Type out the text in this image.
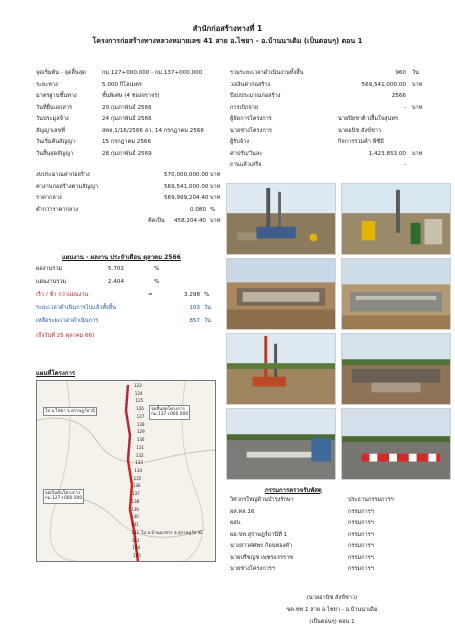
สำนักก่อสร้างทางที่ 1
โครงการก่อสร้างทางหลวงหมายเลข 41 สาย อ.ไชยา - อ.บ้านนาเดิม (เป็นตอนๆ) ตอน 1
จุดเริ่มต้น - จุดสิ้นสุด	กม.127+000.000 - กม.137+000.000
ระยะทาง	5.000 กิโลเมตร
มาตรฐานชั้นทาง	ชั้นพิเศษ (4 ช่องจราจร)
วันที่ยื่นเอกสาร	20 กุมภาพันธ์ 2566
วันประมูลจ้าง	24 กุมภาพันธ์ 2566
สัญญาเลขที่	สทล.1/16/2566 ลว. 14 กรกฎาคม 2566
วันเริ่มต้นสัญญา	15 กรกฎาคม 2566
วันสิ้นสุดสัญญา	28 กุมภาพันธ์ 2569
งบประมาณค่าก่อสร้าง	570,000,000.00 บาท
ค่างานก่อสร้างตามสัญญา	569,541,000.00 บาท
ราคากลาง	569,999,204.40 บาท
ต่ำกว่าราคากลาง	0.080 %
คิดเป็น	458,204.40 บาท
รวมระยะเวลาดำเนินงานทั้งสิ้น	960 วัน
วงเงินค่าก่อสร้าง	569,541,000.00 บาท
ปีงบประมาณก่อสร้าง	2566
การเบิกจ่าย	- บาท
ผู้จัดการโครงการ	นายปิยชาติ ปลื้มใจสุนทร
นายช่างโครงการ	นายอนิช สังข์ชาว
ผู้รับจ้าง	กิจการร่วมค้า พีซีบี
ค่าปรับ/วันละ	1,423,853.00 บาท
งานแล้วเสร็จ	-
แผนงาน - ผลงาน ประจำเดือน ตุลาคม 2566
ผลงานรวม	5.702	%
แผนงานรวม	2.404	%
เร็ว / ช้า กว่าแผนงาน	=	3.298 %
ระยะเวลาดำเนินการไปแล้วทั้งสิ้น	103 วัน
เหลือระยะเวลาดำเนินการ	857 วัน
(ถึงวันที่ 25 ตุลาคม 66)
แผนที่โครงการ
123
124
125
126
127
128
129
130
131
132
133
134
135
136
137
138
139
140
141
142
143
144
145
ไป อ.ไชยา จ.สุราษฎร์ธานี	จุดสิ้นสุดโครงการ
กม.137+000.000
จุดเริ่มต้นโครงการ
กม.127+000.000
ไป อ.บ้านนาสาร จ.สุราษฎร์ธานี
กรรมการตรวจรับพัสดุ
วิศวกรใหญ่ด้านบำรุงรักษา	ประธานกรรมการฯ
ผส.ทล.16	กรรมการฯ
ผสบ.	กรรมการฯ
ผอ.ขท.สุราษฎร์ธานีที่ 1	กรรมการฯ
นางสาวศศพร ก้อนทองคำ	กรรมการฯ
นายปรีชญช เพชรแรรราช	กรรมการฯ
นายช่างโครงการฯ	กรรมการฯ
(นายอานิช สังข์ชาว)
ขค.ทท.1 สาย อ.ไชยา - อ.บ้านนาเดิม
(เป็นตอนๆ) ตอน 1
